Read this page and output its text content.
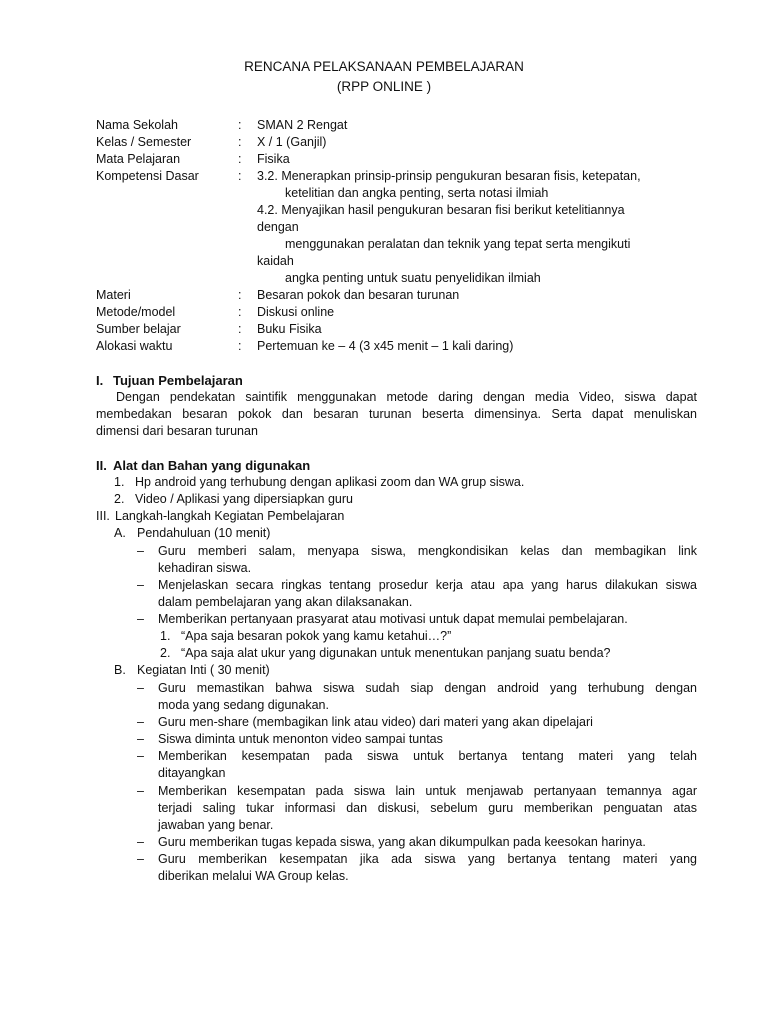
RENCANA PELAKSANAAN PEMBELAJARAN
(RPP ONLINE )
Nama Sekolah	: SMAN 2 Rengat
Kelas / Semester	: X / 1 (Ganjil)
Mata Pelajaran	: Fisika
Kompetensi Dasar	: 3.2. Menerapkan prinsip-prinsip pengukuran besaran fisis, ketepatan,
ketelitian dan angka penting, serta notasi ilmiah
4.2. Menyajikan hasil pengukuran besaran fisi berikut ketelitiannya
dengan
menggunakan peralatan dan teknik yang tepat serta mengikuti
kaidah
angka penting untuk suatu penyelidikan ilmiah
Materi	: Besaran pokok dan besaran turunan
Metode/model	: Diskusi online
Sumber belajar	: Buku Fisika
Alokasi waktu	: Pertemuan ke – 4 (3 x45 menit – 1 kali daring)
I. Tujuan Pembelajaran
Dengan pendekatan saintifik menggunakan metode daring dengan media Video, siswa dapat
membedakan besaran pokok dan besaran turunan beserta dimensinya. Serta dapat menuliskan
dimensi dari besaran turunan
II. Alat dan Bahan yang digunakan
1. Hp android yang terhubung dengan aplikasi zoom dan WA grup siswa.
2. Video / Aplikasi yang dipersiapkan guru
III. Langkah-langkah Kegiatan Pembelajaran
A. Pendahuluan (10 menit)
– Guru memberi salam, menyapa siswa, mengkondisikan kelas dan membagikan link
kehadiran siswa.
– Menjelaskan secara ringkas tentang prosedur kerja atau apa yang harus dilakukan siswa
dalam pembelajaran yang akan dilaksanakan.
– Memberikan pertanyaan prasyarat atau motivasi untuk dapat memulai pembelajaran.
1. “Apa saja besaran pokok yang kamu ketahui…?”
2. “Apa saja alat ukur yang digunakan untuk menentukan panjang suatu benda?
B. Kegiatan Inti ( 30 menit)
– Guru memastikan bahwa siswa sudah siap dengan android yang terhubung dengan
moda yang sedang digunakan.
– Guru men-share (membagikan link atau video) dari materi yang akan dipelajari
– Siswa diminta untuk menonton video sampai tuntas
– Memberikan kesempatan pada siswa untuk bertanya tentang materi yang telah
ditayangkan
– Memberikan kesempatan pada siswa lain untuk menjawab pertanyaan temannya agar
terjadi saling tukar informasi dan diskusi, sebelum guru memberikan penguatan atas
jawaban yang benar.
– Guru memberikan tugas kepada siswa, yang akan dikumpulkan pada keesokan harinya.
– Guru memberikan kesempatan jika ada siswa yang bertanya tentang materi yang
diberikan melalui WA Group kelas.
